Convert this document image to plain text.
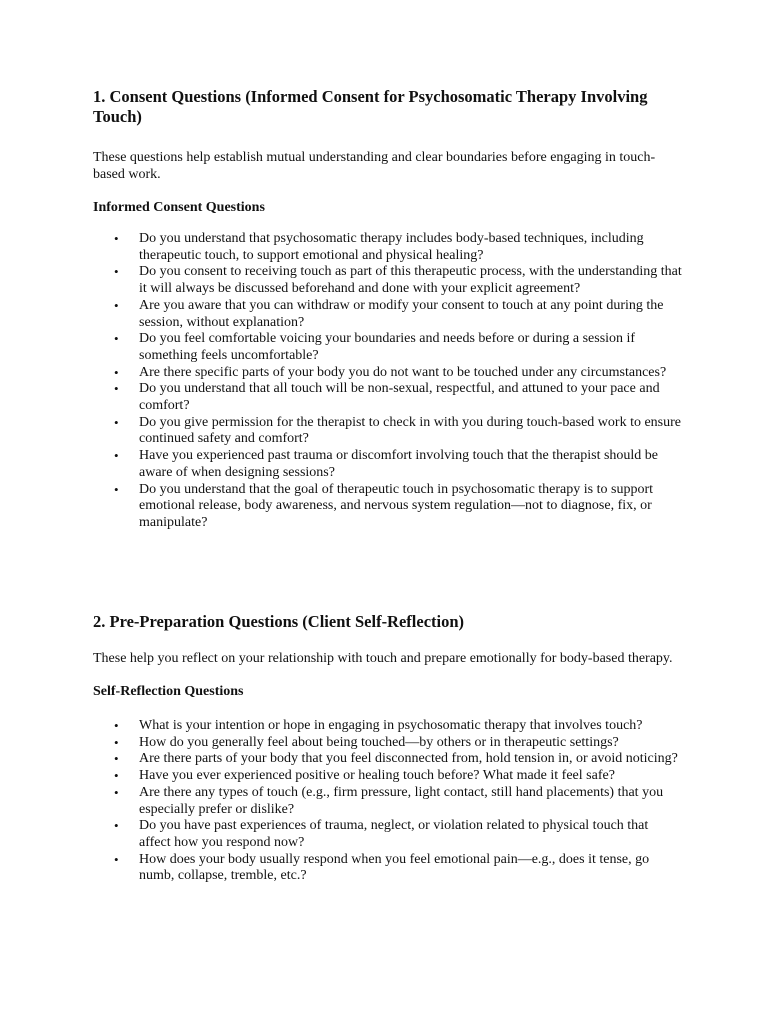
1. Consent Questions (Informed Consent for Psychosomatic Therapy Involving Touch)

These questions help establish mutual understanding and clear boundaries before engaging in touch-based work.

Informed Consent Questions
• Do you understand that psychosomatic therapy includes body-based techniques, including therapeutic touch, to support emotional and physical healing?
• Do you consent to receiving touch as part of this therapeutic process, with the understanding that it will always be discussed beforehand and done with your explicit agreement?
• Are you aware that you can withdraw or modify your consent to touch at any point during the session, without explanation?
• Do you feel comfortable voicing your boundaries and needs before or during a session if something feels uncomfortable?
• Are there specific parts of your body you do not want to be touched under any circumstances?
• Do you understand that all touch will be non-sexual, respectful, and attuned to your pace and comfort?
• Do you give permission for the therapist to check in with you during touch-based work to ensure continued safety and comfort?
• Have you experienced past trauma or discomfort involving touch that the therapist should be aware of when designing sessions?
• Do you understand that the goal of therapeutic touch in psychosomatic therapy is to support emotional release, body awareness, and nervous system regulation—not to diagnose, fix, or manipulate?
2. Pre-Preparation Questions (Client Self-Reflection)

These help you reflect on your relationship with touch and prepare emotionally for body-based therapy.

Self-Reflection Questions
• What is your intention or hope in engaging in psychosomatic therapy that involves touch?
• How do you generally feel about being touched—by others or in therapeutic settings?
• Are there parts of your body that you feel disconnected from, hold tension in, or avoid noticing?
• Have you ever experienced positive or healing touch before? What made it feel safe?
• Are there any types of touch (e.g., firm pressure, light contact, still hand placements) that you especially prefer or dislike?
• Do you have past experiences of trauma, neglect, or violation related to physical touch that affect how you respond now?
• How does your body usually respond when you feel emotional pain—e.g., does it tense, go numb, collapse, tremble, etc.?
